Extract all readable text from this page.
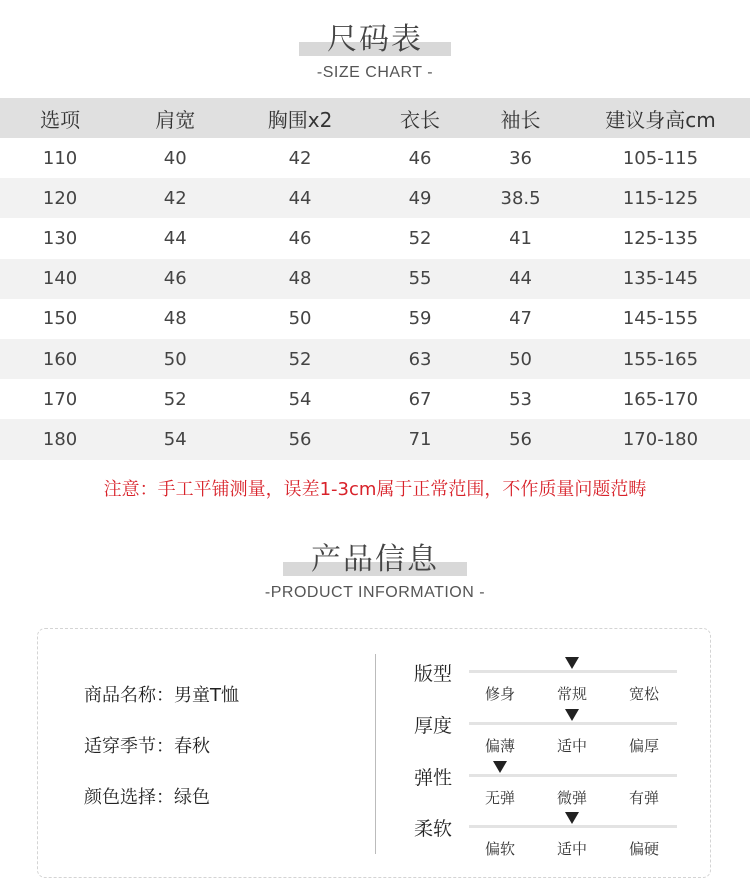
尺码表
-SIZE CHART -
选项	肩宽	胸围x2	衣长	袖长	建议身高cm
110	40	42	46	36	105-115
120	42	44	49	38.5	115-125
130	44	46	52	41	125-135
140	46	48	55	44	135-145
150	48	50	59	47	145-155
160	50	52	63	50	155-165
170	52	54	67	53	165-170
180	54	56	71	56	170-180
注意：手工平铺测量，误差1-3cm属于正常范围，不作质量问题范畴
产品信息
-PRODUCT INFORMATION -
商品名称：男童T恤
适穿季节：春秋
颜色选择：绿色
版型
修身	常规	宽松
厚度
偏薄	适中	偏厚
弹性
无弹	微弹	有弹
柔软
偏软	适中	偏硬
